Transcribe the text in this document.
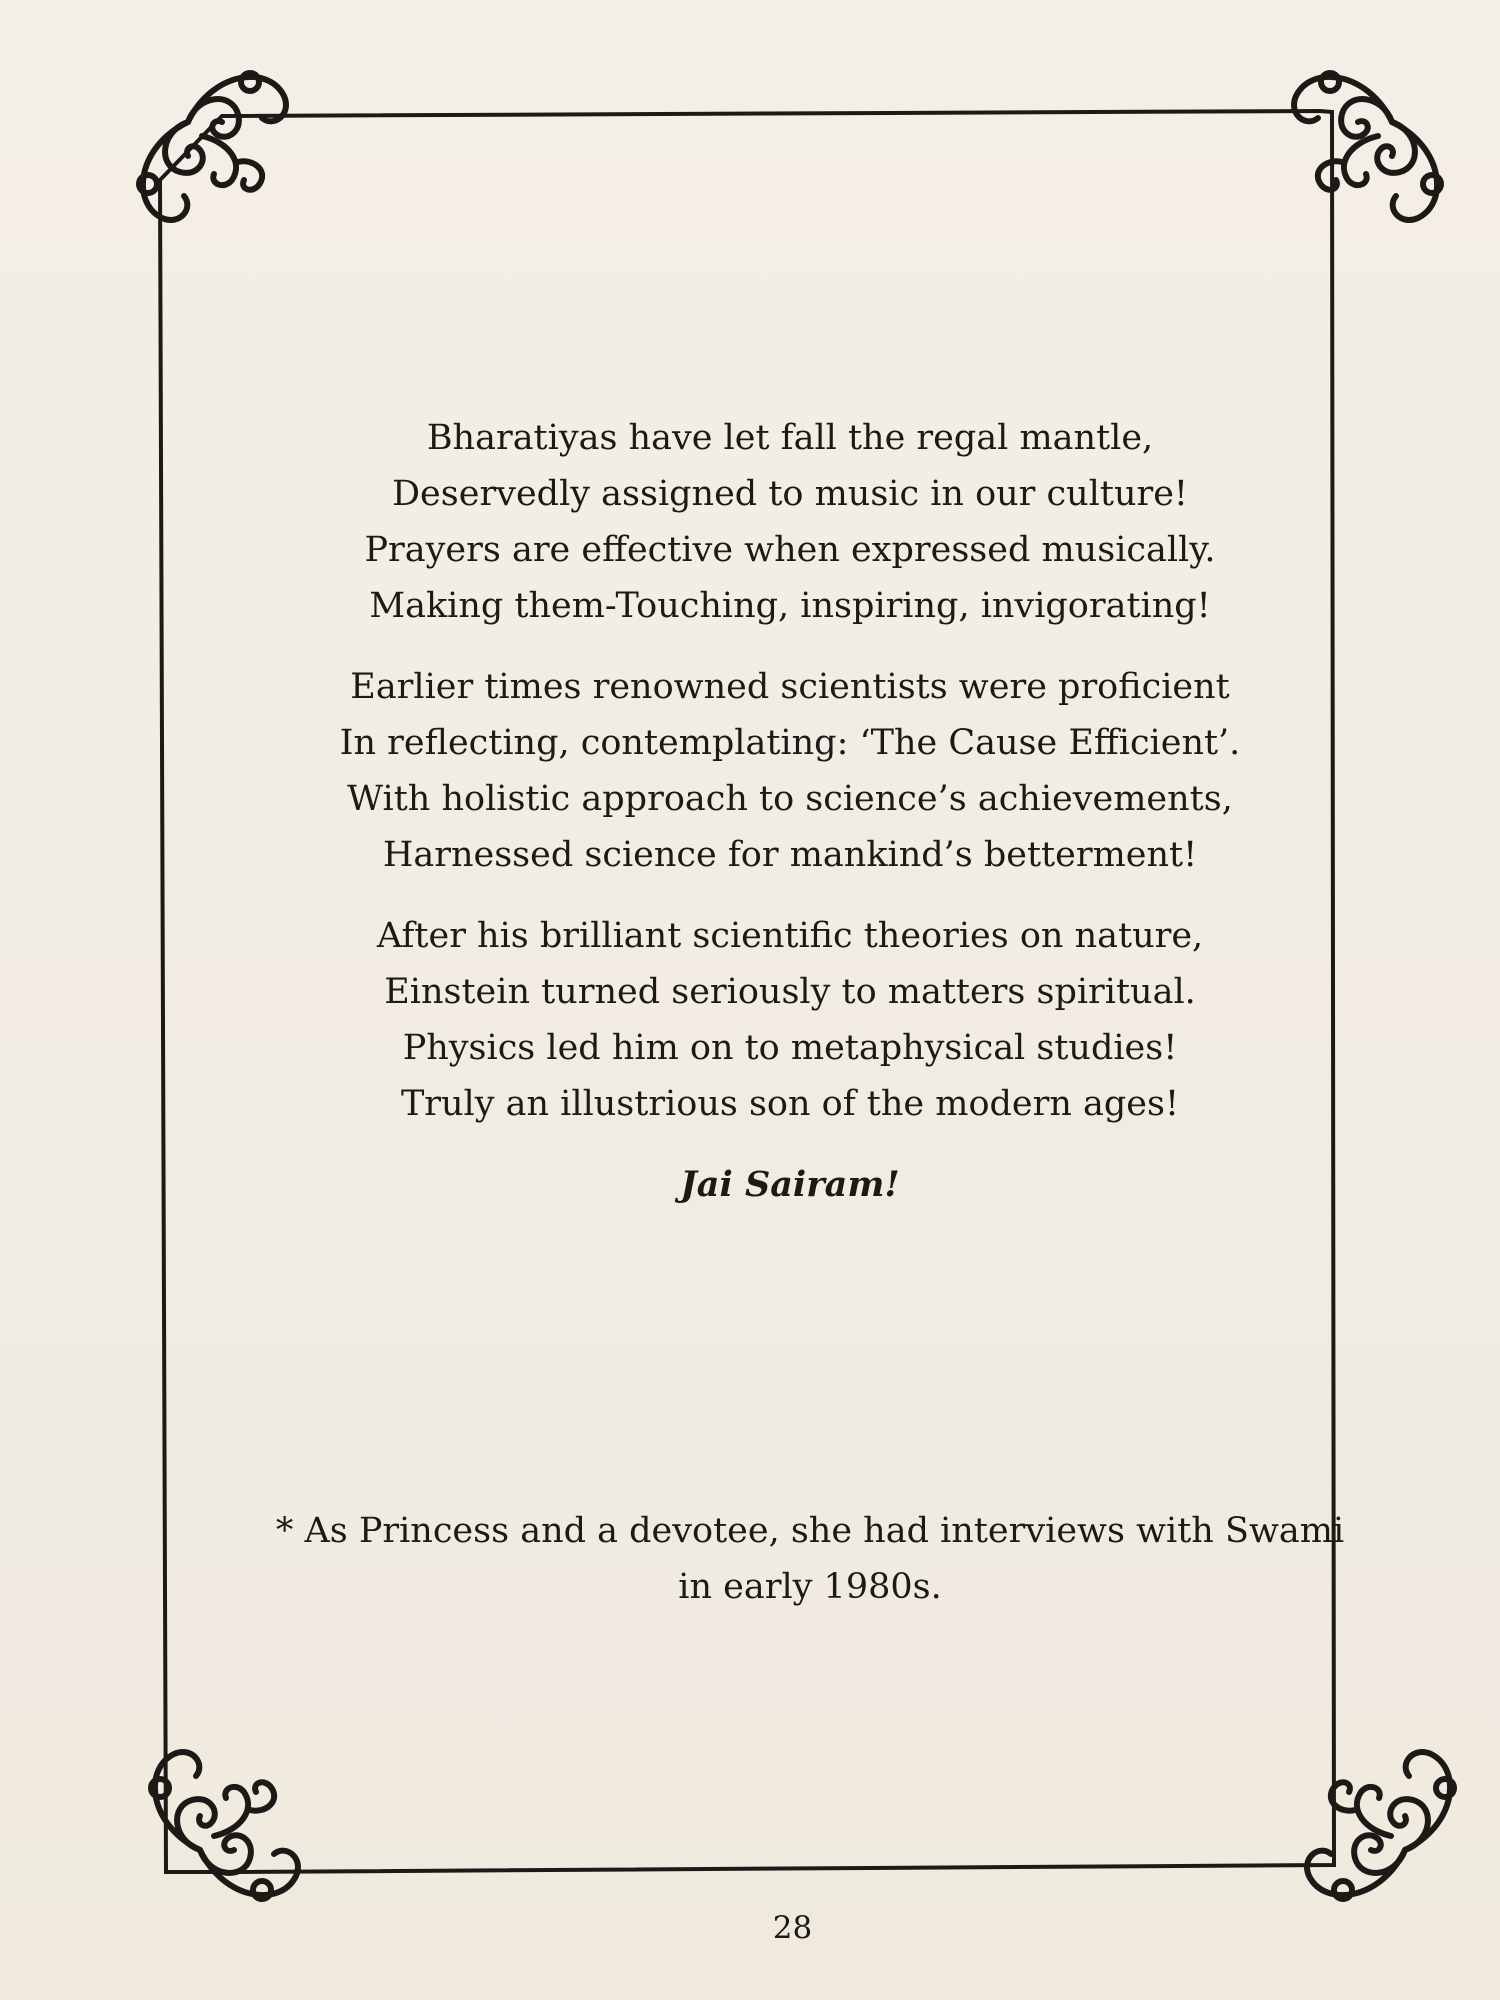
Bharatiyas have let fall the regal mantle,
Deservedly assigned to music in our culture!
Prayers are effective when expressed musically.
Making them-Touching, inspiring, invigorating!
Earlier times renowned scientists were proficient
In reflecting, contemplating: ‘The Cause Efficient’.
With holistic approach to science’s achievements,
Harnessed science for mankind’s betterment!
After his brilliant scientific theories on nature,
Einstein turned seriously to matters spiritual.
Physics led him on to metaphysical studies!
Truly an illustrious son of the modern ages!
Jai Sairam!
* As Princess and a devotee, she had interviews with Swami
in early 1980s.
28
